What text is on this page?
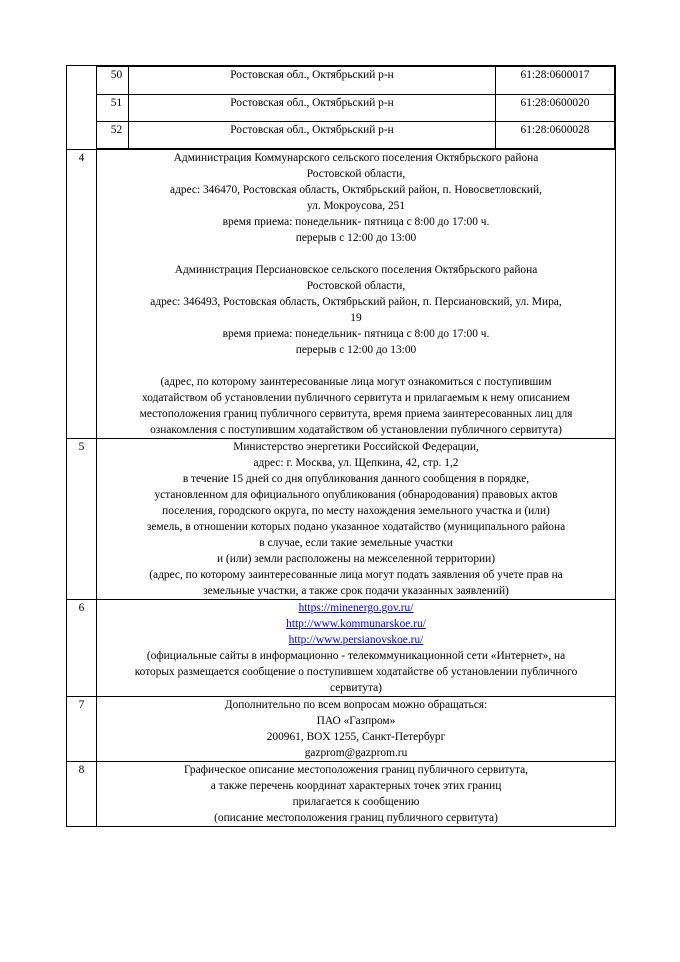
50	Ростовская обл., Октябрьский р-н	61:28:0600017
51	Ростовская обл., Октябрьский р-н	61:28:0600020
52	Ростовская обл., Октябрьский р-н	61:28:0600028

4	Администрация Коммунарского сельского поселения Октябрьского района
Ростовской области,
адрес: 346470, Ростовская область, Октябрьский район, п. Новосветловский,
ул. Мокроусова, 251
время приема: понедельник- пятница с 8:00 до 17:00 ч.
перерыв с 12:00 до 13:00
Администрация Персиановское сельского поселения Октябрьского района
Ростовской области,
адрес: 346493, Ростовская область, Октябрьский район, п. Персиановский, ул. Мира,
19
время приема: понедельник- пятница с 8:00 до 17:00 ч.
перерыв с 12:00 до 13:00
(адрес, по которому заинтересованные лица могут ознакомиться с поступившим
ходатайством об установлении публичного сервитута и прилагаемым к нему описанием
местоположения границ публичного сервитута, время приема заинтересованных лиц для
ознакомления с поступившим ходатайством об установлении публичного сервитута)

5	Министерство энергетики Российской Федерации,
адрес: г. Москва, ул. Щепкина, 42, стр. 1,2
в течение 15 дней со дня опубликования данного сообщения в порядке,
установленном для официального опубликования (обнародования) правовых актов
поселения, городского округа, по месту нахождения земельного участка и (или)
земель, в отношении которых подано указанное ходатайство (муниципального района
в случае, если такие земельные участки
и (или) земли расположены на межселенной территории)
(адрес, по которому заинтересованные лица могут подать заявления об учете прав на
земельные участки, а также срок подачи указанных заявлений)

6	https://minenergo.gov.ru/
http://www.kommunarskoe.ru/
http://www.persianovskoe.ru/
(официальные сайты в информационно - телекоммуникационной сети «Интернет», на
которых размещается сообщение о поступившем ходатайстве об установлении публичного
сервитута)

7	Дополнительно по всем вопросам можно обращаться:
ПАО «Газпром»
200961, BOX 1255, Санкт-Петербург
gazprom@gazprom.ru

8	Графическое описание местоположения границ публичного сервитута,
а также перечень координат характерных точек этих границ
прилагается к сообщению
(описание местоположения границ публичного сервитута)
